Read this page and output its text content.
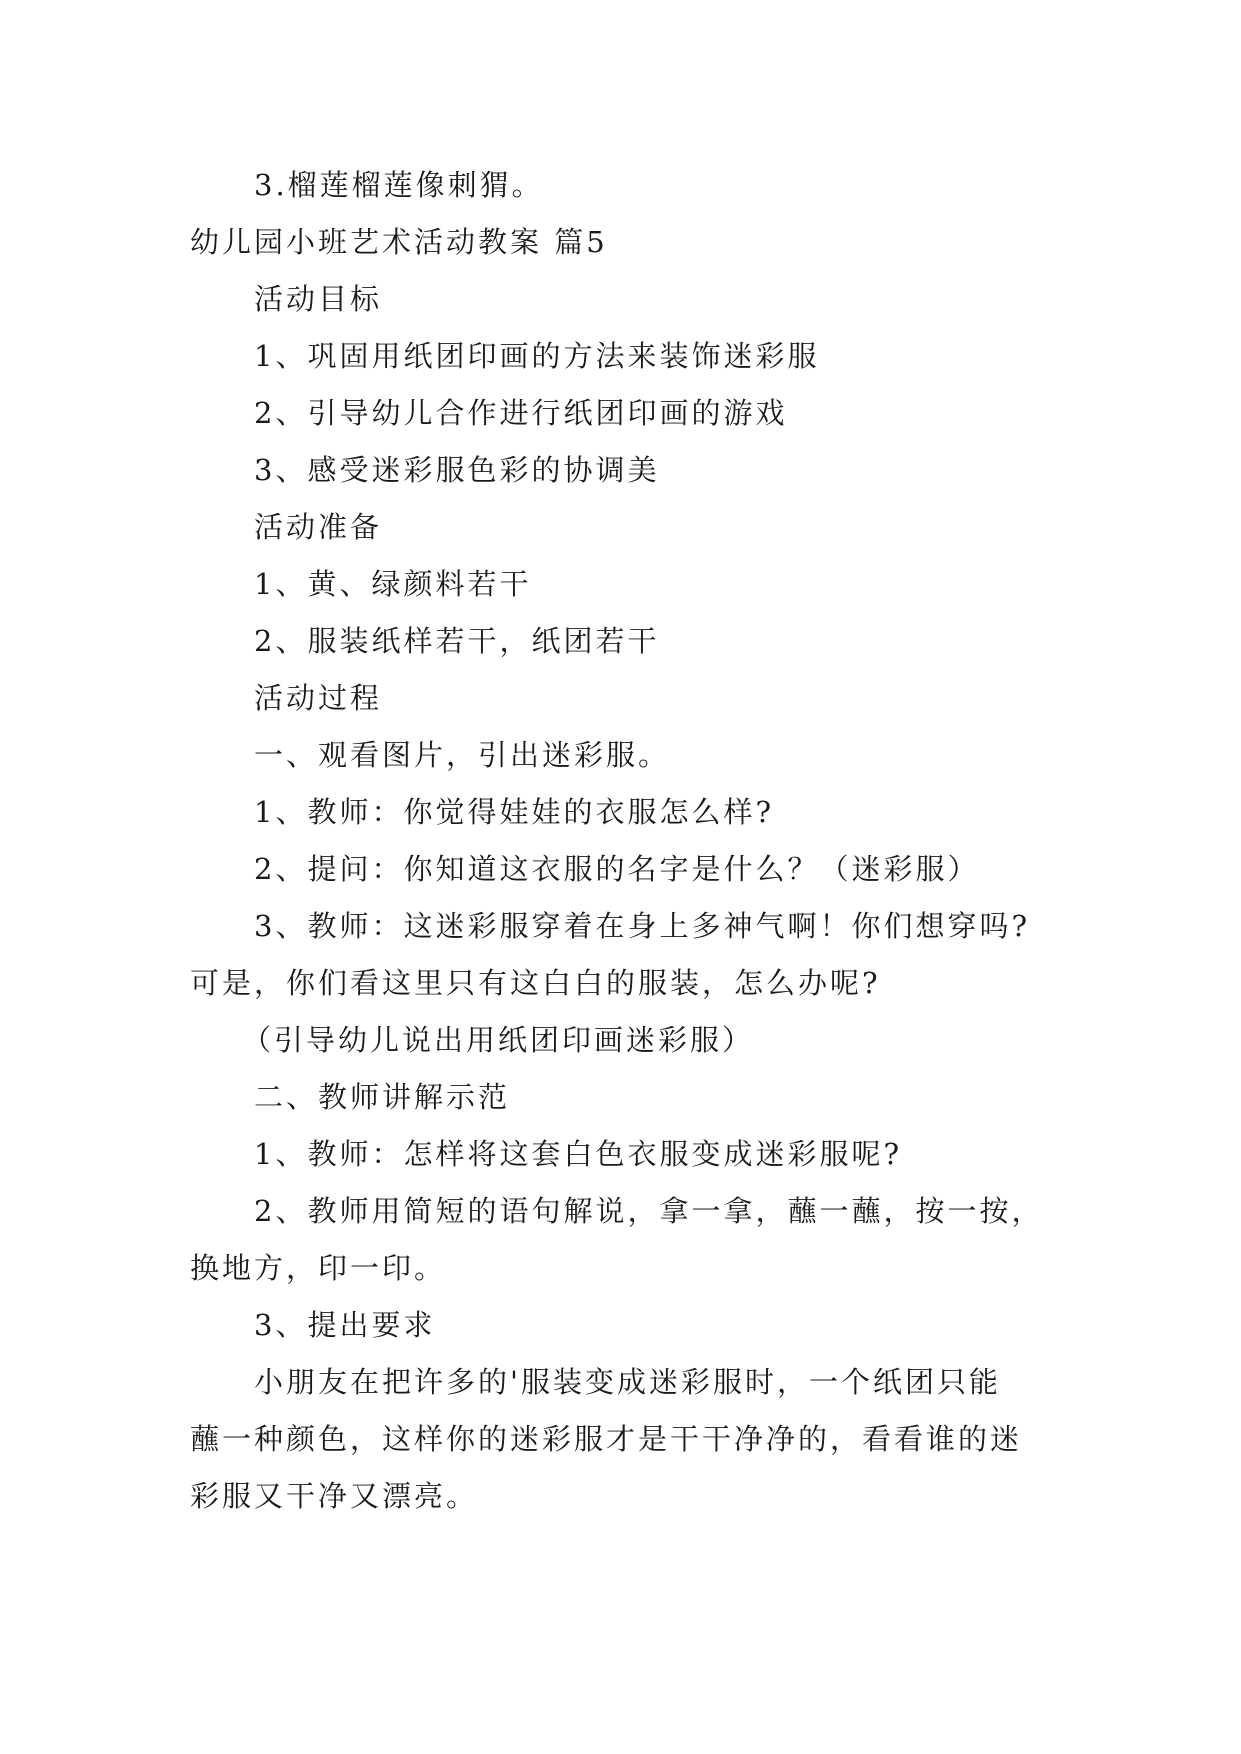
3.榴莲榴莲像刺猬。
幼儿园小班艺术活动教案 篇5
活动目标
1、巩固用纸团印画的方法来装饰迷彩服
2、引导幼儿合作进行纸团印画的游戏
3、感受迷彩服色彩的协调美
活动准备
1、黄、绿颜料若干
2、服装纸样若干，纸团若干
活动过程
一、观看图片，引出迷彩服。
1、教师：你觉得娃娃的衣服怎么样?
2、提问：你知道这衣服的名字是什么？（迷彩服）
3、教师：这迷彩服穿着在身上多神气啊！你们想穿吗?
可是，你们看这里只有这白白的服装，怎么办呢?
（引导幼儿说出用纸团印画迷彩服）
二、教师讲解示范
1、教师：怎样将这套白色衣服变成迷彩服呢?
2、教师用简短的语句解说，拿一拿，蘸一蘸，按一按，
换地方，印一印。
3、提出要求
小朋友在把许多的'服装变成迷彩服时，一个纸团只能
蘸一种颜色，这样你的迷彩服才是干干净净的，看看谁的迷
彩服又干净又漂亮。
